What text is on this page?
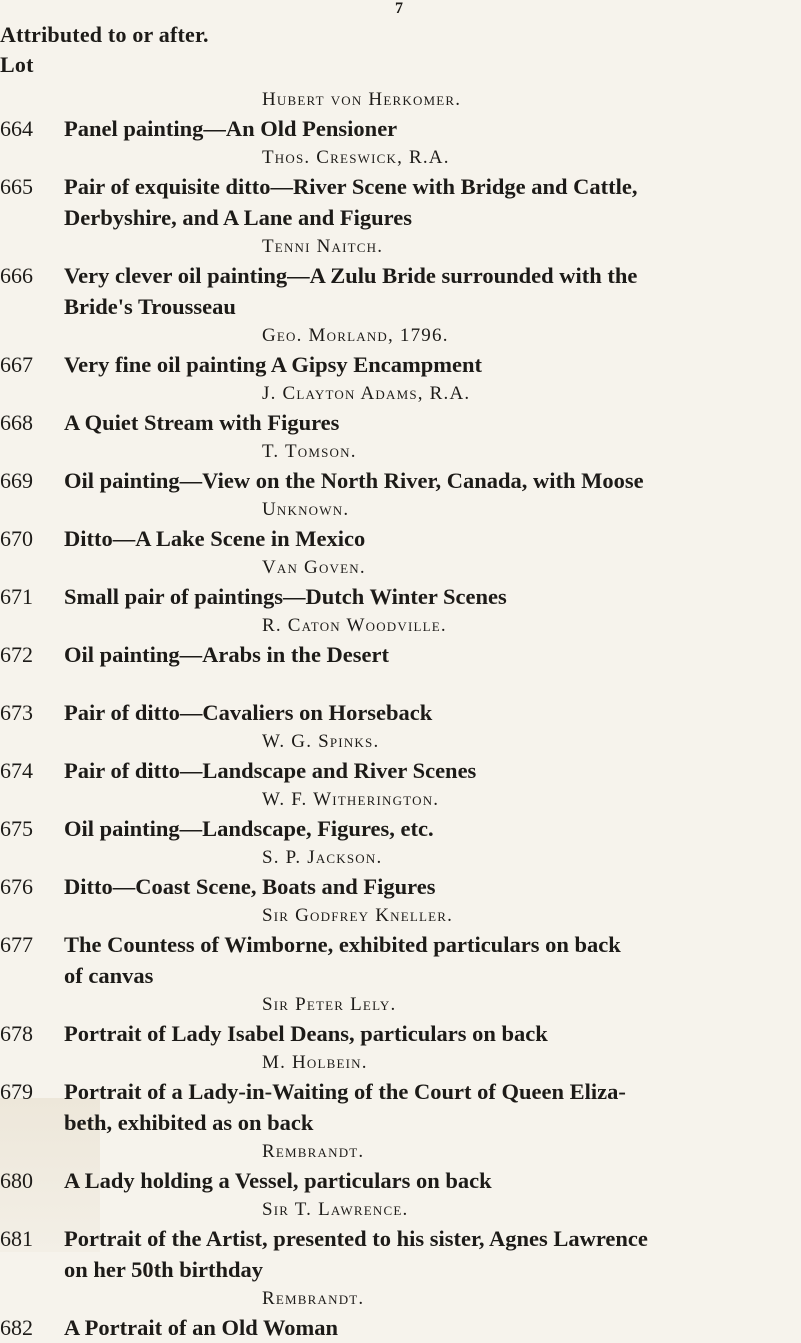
7
Attributed to or after.
Lot
Hubert von Herkomer.
664	Panel painting—An Old Pensioner
Thos. Creswick, R.A.
665	Pair of exquisite ditto—River Scene with Bridge and Cattle,
Derbyshire, and A Lane and Figures
Tenni Naitch.
666	Very clever oil painting—A Zulu Bride surrounded with the
Bride's Trousseau
Geo. Morland, 1796.
667	Very fine oil painting A Gipsy Encampment
J. Clayton Adams, R.A.
668	A Quiet Stream with Figures
T. Tomson.
669	Oil painting—View on the North River, Canada, with Moose
Unknown.
670	Ditto—A Lake Scene in Mexico
Van Goven.
671	Small pair of paintings—Dutch Winter Scenes
R. Caton Woodville.
672	Oil painting—Arabs in the Desert
673	Pair of ditto—Cavaliers on Horseback
W. G. Spinks.
674	Pair of ditto—Landscape and River Scenes
W. F. Witherington.
675	Oil painting—Landscape, Figures, etc.
S. P. Jackson.
676	Ditto—Coast Scene, Boats and Figures
Sir Godfrey Kneller.
677	The Countess of Wimborne, exhibited particulars on back
of canvas
Sir Peter Lely.
678	Portrait of Lady Isabel Deans, particulars on back
M. Holbein.
679	Portrait of a Lady-in-Waiting of the Court of Queen Eliza-
beth, exhibited as on back
Rembrandt.
680	A Lady holding a Vessel, particulars on back
Sir T. Lawrence.
681	Portrait of the Artist, presented to his sister, Agnes Lawrence
on her 50th birthday
Rembrandt.
682	A Portrait of an Old Woman
